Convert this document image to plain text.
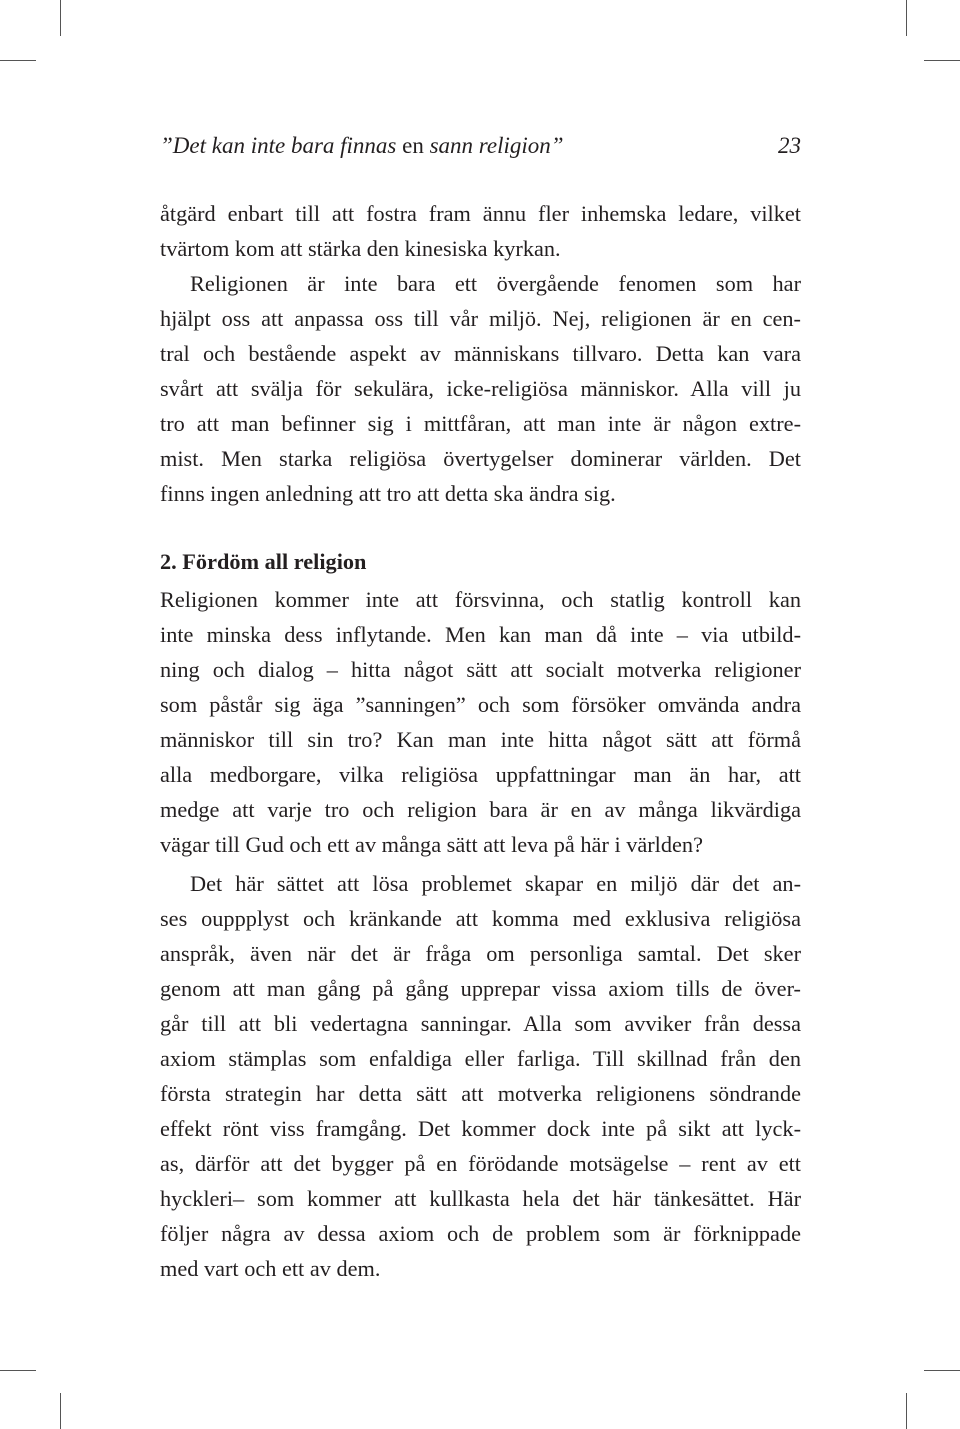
”Det kan inte bara finnas en sann religion”	23
åtgärd enbart till att fostra fram ännu fler inhemska ledare, vilket
tvärtom kom att stärka den kinesiska kyrkan.
Religionen är inte bara ett övergående fenomen som har
hjälpt oss att anpassa oss till vår miljö. Nej, religionen är en cen-
tral och bestående aspekt av människans tillvaro. Detta kan vara
svårt att svälja för sekulära, icke-religiösa människor. Alla vill ju
tro att man befinner sig i mittfåran, att man inte är någon extre-
mist. Men starka religiösa övertygelser dominerar världen. Det
finns ingen anledning att tro att detta ska ändra sig.
2. Fördöm all religion
Religionen kommer inte att försvinna, och statlig kontroll kan
inte minska dess inflytande. Men kan man då inte – via utbild-
ning och dialog – hitta något sätt att socialt motverka religioner
som påstår sig äga ”sanningen” och som försöker omvända andra
människor till sin tro? Kan man inte hitta något sätt att förmå
alla medborgare, vilka religiösa uppfattningar man än har, att
medge att varje tro och religion bara är en av många likvärdiga
vägar till Gud och ett av många sätt att leva på här i världen?
Det här sättet att lösa problemet skapar en miljö där det an-
ses ouppplyst och kränkande att komma med exklusiva religiösa
anspråk, även när det är fråga om personliga samtal. Det sker
genom att man gång på gång upprepar vissa axiom tills de över-
går till att bli vedertagna sanningar. Alla som avviker från dessa
axiom stämplas som enfaldiga eller farliga. Till skillnad från den
första strategin har detta sätt att motverka religionens söndrande
effekt rönt viss framgång. Det kommer dock inte på sikt att lyck-
as, därför att det bygger på en förödande motsägelse – rent av ett
hyckleri– som kommer att kullkasta hela det här tänkesättet. Här
följer några av dessa axiom och de problem som är förknippade
med vart och ett av dem.
